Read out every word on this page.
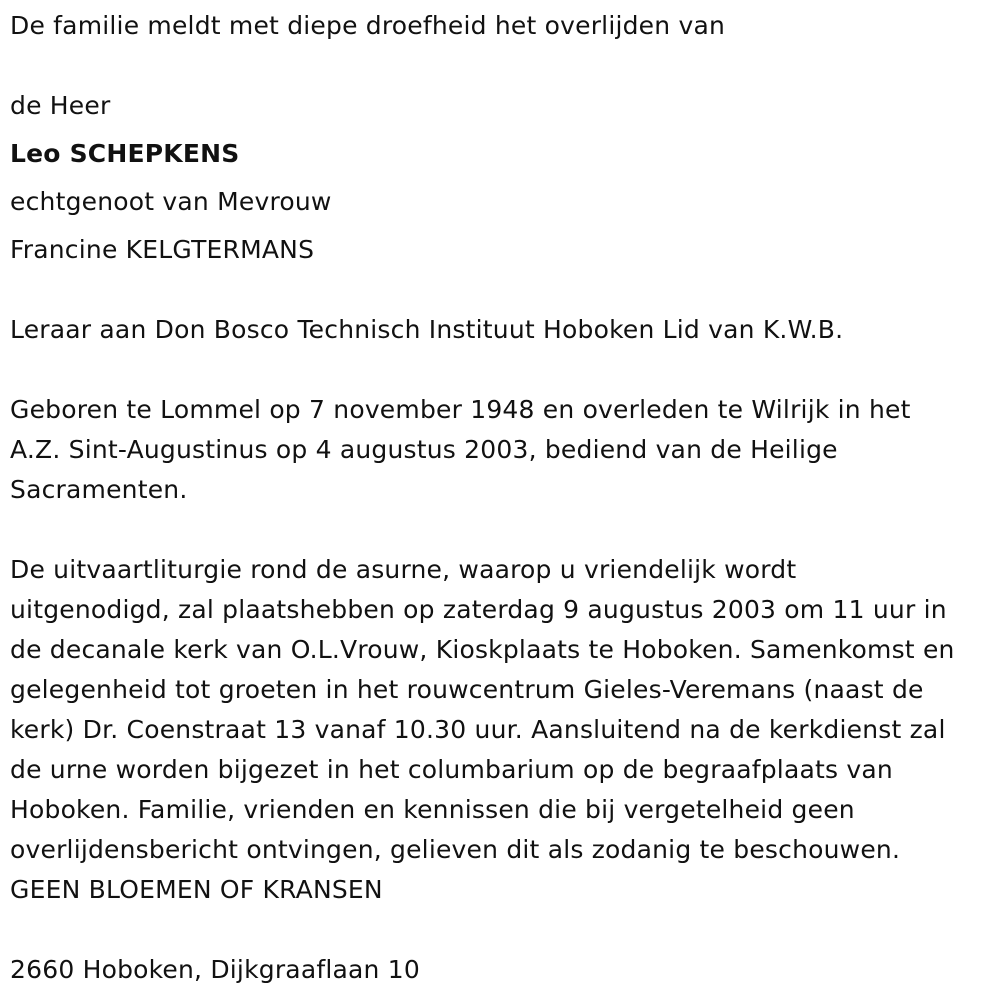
De familie meldt met diepe droefheid het overlijden van
de Heer
Leo SCHEPKENS
echtgenoot van Mevrouw
Francine KELGTERMANS
Leraar aan Don Bosco Technisch Instituut Hoboken Lid van K.W.B.
Geboren te Lommel op 7 november 1948 en overleden te Wilrijk in het
A.Z. Sint-Augustinus op 4 augustus 2003, bediend van de Heilige
Sacramenten.
De uitvaartliturgie rond de asurne, waarop u vriendelijk wordt
uitgenodigd, zal plaatshebben op zaterdag 9 augustus 2003 om 11 uur in
de decanale kerk van O.L.Vrouw, Kioskplaats te Hoboken. Samenkomst en
gelegenheid tot groeten in het rouwcentrum Gieles-Veremans (naast de
kerk) Dr. Coenstraat 13 vanaf 10.30 uur. Aansluitend na de kerkdienst zal
de urne worden bijgezet in het columbarium op de begraafplaats van
Hoboken. Familie, vrienden en kennissen die bij vergetelheid geen
overlijdensbericht ontvingen, gelieven dit als zodanig te beschouwen.
GEEN BLOEMEN OF KRANSEN
2660 Hoboken, Dijkgraaflaan 10
